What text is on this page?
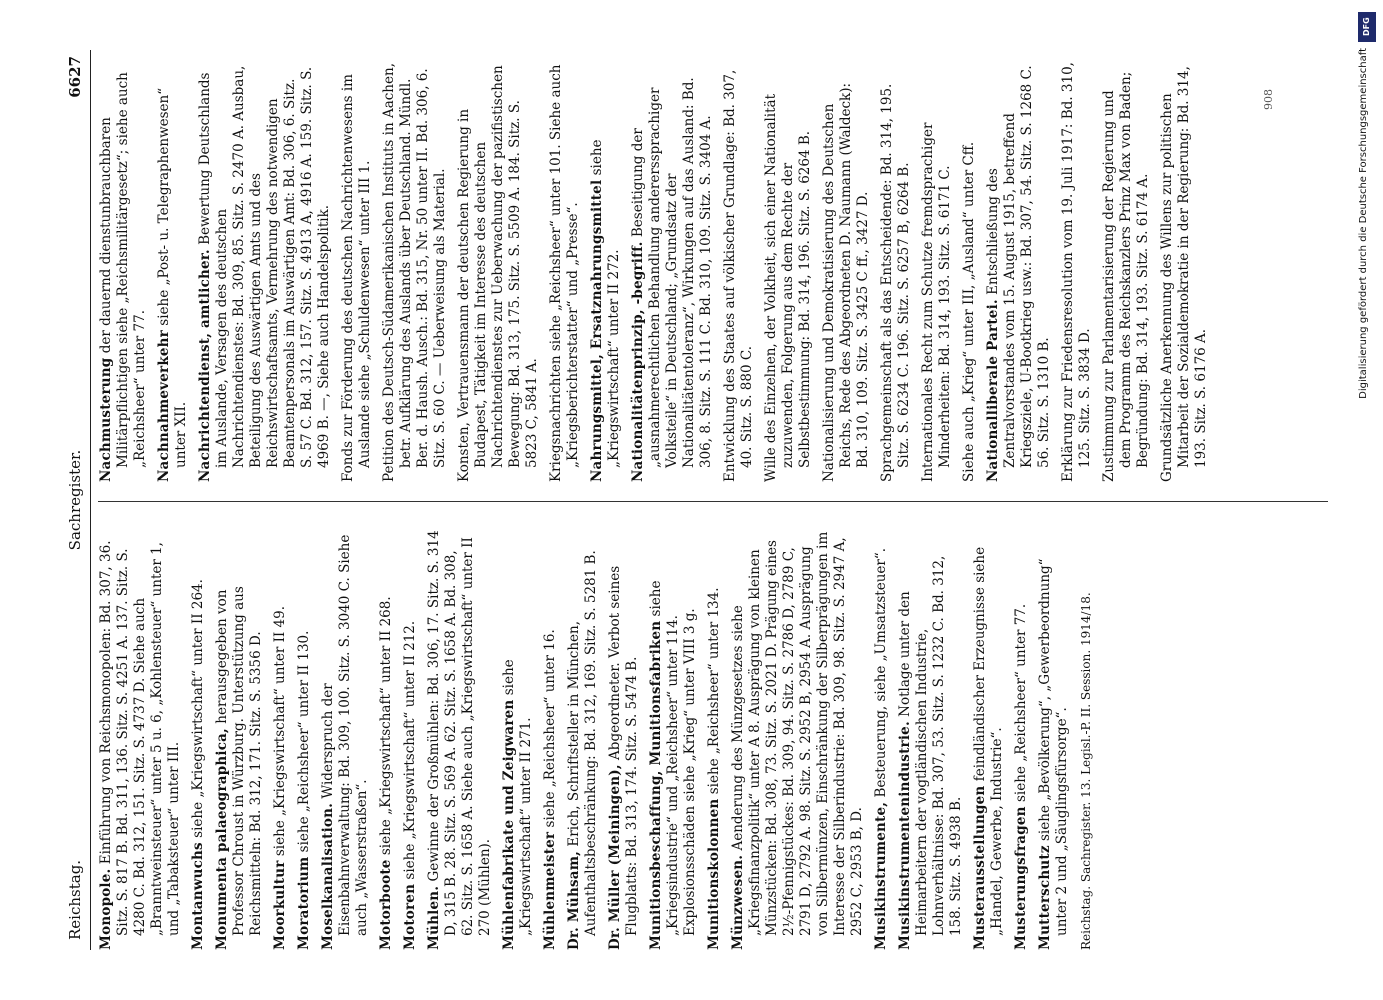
Reichstag.
Sachregister.
6627

Monopole. Einführung von Reichsmonopolen: Bd. 307, 36. Sitz. S. 817 B. Bd. 311, 136. Sitz. S. 4251 A. 137. Sitz. S. 4280 C. Bd. 312, 151. Sitz. S. 4737 D. Siehe auch „Branntweinsteuer“ unter 5 u. 6, „Kohlensteuer“ unter 1, und „Tabaksteuer“ unter III. Montanwuchs siehe „Kriegswirtschaft“ unter II 264.

Monumenta palaeographica, herausgegeben von Professor Chroust in Würzburg. Unterstützung aus Reichsmitteln: Bd. 312, 171. Sitz. S. 5356 D. Moorkultur siehe „Kriegswirtschaft“ unter II 49.

Moratorium siehe „Reichsheer“ unter II 130.

Moselkanalisation. Widerspruch der Eisenbahnverwaltung: Bd. 309, 100. Sitz. S. 3040 C. Siehe auch „Wasserstraßen“. Motorboote siehe „Kriegswirtschaft“ unter II 268.

Motoren siehe „Kriegswirtschaft“ unter II 212.

Mühlen. Gewinne der Großmühlen: Bd. 306, 17. Sitz. S. 314 D, 315 B. 28. Sitz. S. 569 A. 62. Sitz. S. 1658 A. Bd. 308, 62. Sitz. S. 1658 A. Siehe auch „Kriegswirtschaft“ unter II 270 (Mühlen). Mühlenfabrikate und Zeigwaren siehe „Kriegswirtschaft“ unter II 271. Mühlenmeister siehe „Reichsheer“ unter 16.

Dr. Mühsam, Erich, Schriftsteller in München, Aufenthaltsbeschränkung: Bd. 312, 169. Sitz. S. 5281 B. Dr. Müller (Meiningen), Abgeordneter. Verbot seines Flugblatts: Bd. 313, 174. Sitz. S. 5474 B. Munitionsbeschaffung, Munitionsfabriken siehe „Kriegsindustrie“ und „Reichsheer“ unter 114. Explosionsschäden siehe „Krieg“ unter VIII 3 g. Munitionskolonnen siehe „Reichsheer“ unter 134.

Münzwesen. Aenderung des Münzgesetzes siehe „Kriegsfinanzpolitik“ unter A 8. Ausprägung von kleinen Münzstücken: Bd. 308, 73. Sitz. S. 2021 D. Prägung eines 2½-Pfennigstückes: Bd. 309, 94. Sitz. S. 2786 D, 2789 C, 2791 D, 2792 A. 98. Sitz. S. 2952 B, 2954 A. Ausprägung von Silbermünzen, Einschränkung der Silberprägungen im Interesse der Silberindustrie: Bd. 309, 98. Sitz. S. 2947 A, 2952 C, 2953 B, D. Musikinstrumente, Besteuerung, siehe „Umsatzsteuer“.

Musikinstrumentenindustrie. Notlage unter den Heimarbeitern der vogtländischen Industrie, Lohnverhältnisse: Bd. 307, 53. Sitz. S. 1232 C. Bd. 312, 158. Sitz. S. 4938 B. Musterausstellungen feindländischer Erzeugnisse siehe „Handel, Gewerbe, Industrie“. Musterungsfragen siehe „Reichsheer“ unter 77.

Mutterschutz siehe „Bevölkerung“, „Gewerbeordnung“ unter 2 und „Säuglingsfürsorge“. Reichstag. Sachregister. 13. Legisl.-P. II. Session. 1914/18.

Nachmusterung der dauernd dienstunbrauchbaren Militärpflichtigen siehe „Reichsmilitärgesetz“; siehe auch „Reichsheer“ unter 77. Nachnahmeverkehr siehe „Post- u. Telegraphenwesen“ unter XII. Nachrichtendienst, amtlicher. Bewertung Deutschlands im Auslande, Versagen des deutschen Nachrichtendienstes: Bd. 309, 85. Sitz. S. 2470 A. Ausbau, Beteiligung des Auswärtigen Amts und des Reichswirtschaftsamts, Vermehrung des notwendigen Beamtenpersonals im Auswärtigen Amt: Bd. 306, 6. Sitz. S. 57 C. Bd. 312, 157. Sitz. S. 4913 A, 4916 A. 159. Sitz. S. 4969 B. —, Siehe auch Handelspolitik. Fonds zur Förderung des deutschen Nachrichtenwesens im Auslande siehe „Schuldenwesen“ unter III 1. Petition des Deutsch-Südamerikanischen Instituts in Aachen, betr. Aufklärung des Auslands über Deutschland. Mündl. Ber. d. Haush. Ausch.: Bd. 315, Nr. 50 unter II. Bd. 306, 6. Sitz. S. 60 C. — Ueberweisung als Material. Konsten, Vertrauensmann der deutschen Regierung in Budapest, Tätigkeit im Interesse des deutschen Nachrichtendienstes zur Ueberwachung der pazifistischen Bewegung: Bd. 313, 175. Sitz. S. 5509 A. 184. Sitz. S. 5823 C, 5841 A. Kriegsnachrichten siehe „Reichsheer“ unter 101. Siehe auch „Kriegsberichterstatter“ und „Presse“. Nahrungsmittel, Ersatznahrungsmittel siehe „Kriegswirtschaft“ unter II 272. Nationalitätenprinzip, -begriff. Beseitigung der „ausnahmerechtlichen Behandlung andererssprachiger Volksteile“ in Deutschland; „Grundsatz der Nationalitätentoleranz“, Wirkungen auf das Ausland: Bd. 306, 8. Sitz. S. 111 C. Bd. 310, 109. Sitz. S. 3404 A. Entwicklung des Staates auf völkischer Grundlage: Bd. 307, 40. Sitz. S. 880 C. Wille des Einzelnen, der Volkheit, sich einer Nationalität zuzuwenden, Folgerung aus dem Rechte der Selbstbestimmung: Bd. 314, 196. Sitz. S. 6264 B. Nationalisierung und Demokratisierung des Deutschen Reichs, Rede des Abgeordneten D. Naumann (Waldeck): Bd. 310, 109. Sitz. S. 3425 C ff., 3427 D. Sprachgemeinschaft als das Entscheidende: Bd. 314, 195. Sitz. S. 6234 C. 196. Sitz. S. 6257 B, 6264 B. Internationales Recht zum Schutze fremdsprachiger Minderheiten: Bd. 314, 193. Sitz. S. 6171 C. Siehe auch „Krieg“ unter III, „Ausland“ unter Cff. Nationalliberale Partei. Entschließung des Zentralvorstandes vom 15. August 1915, betreffend Kriegsziele, U-Bootkrieg usw.: Bd. 307, 54. Sitz. S. 1268 C. 56. Sitz. S. 1310 B. Erklärung zur Friedensresolution vom 19. Juli 1917: Bd. 310, 125. Sitz. S. 3834 D. Zustimmung zur Parlamentarisierung der Regierung und dem Programm des Reichskanzlers Prinz Max von Baden; Begründung: Bd. 314, 193. Sitz. S. 6174 A. Grundsätzliche Anerkennung des Willens zur politischen Mitarbeit der Sozialdemokratie in der Regierung: Bd. 314, 193. Sitz. S. 6176 A.

908
DFG
Digitalisierung gefördert durch die Deutsche Forschungsgemeinschaft
